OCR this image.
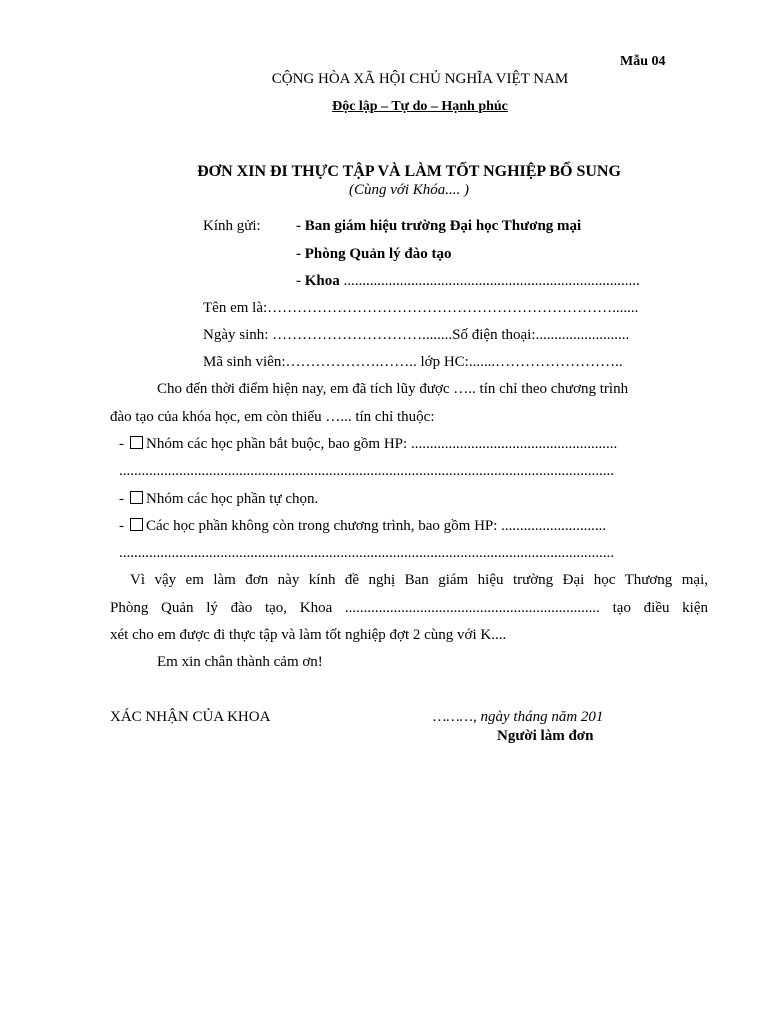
Mẫu 04
CỘNG HÒA XÃ HỘI CHỦ NGHĨA VIỆT NAM
Độc lập – Tự do – Hạnh phúc
ĐƠN XIN ĐI THỰC TẬP VÀ LÀM TỐT NGHIỆP BỔ SUNG
(Cùng với Khóa.... )
Kính gửi: - Ban giám hiệu trường Đại học Thương mại
- Phòng Quản lý đào tạo
- Khoa ...............................................................................
Tên em là:…………………………………………………………….......
Ngày sinh: …………………………........Số điện thoại:.........................
Mã sinh viên:……………….…….. lớp HC:.......……………………..
Cho đến thời điểm hiện nay, em đã tích lũy được ….. tín chỉ theo chương trình
đào tạo của khóa học, em còn thiếu …... tín chỉ thuộc:
- Nhóm các học phần bắt buộc, bao gồm HP: .......................................................
....................................................................................................................................
- Nhóm các học phần tự chọn.
- Các học phần không còn trong chương trình, bao gồm HP: ............................
....................................................................................................................................
Vì vậy em làm đơn này kính đề nghị Ban giám hiệu trường Đại học Thương mại,
Phòng Quản lý đào tạo, Khoa .................................................................... tạo điều kiện
xét cho em được đi thực tập và làm tốt nghiệp đợt 2 cùng với K....
Em xin chân thành cảm ơn!
XÁC NHẬN CỦA KHOA	………, ngày tháng năm 201
Người làm đơn
